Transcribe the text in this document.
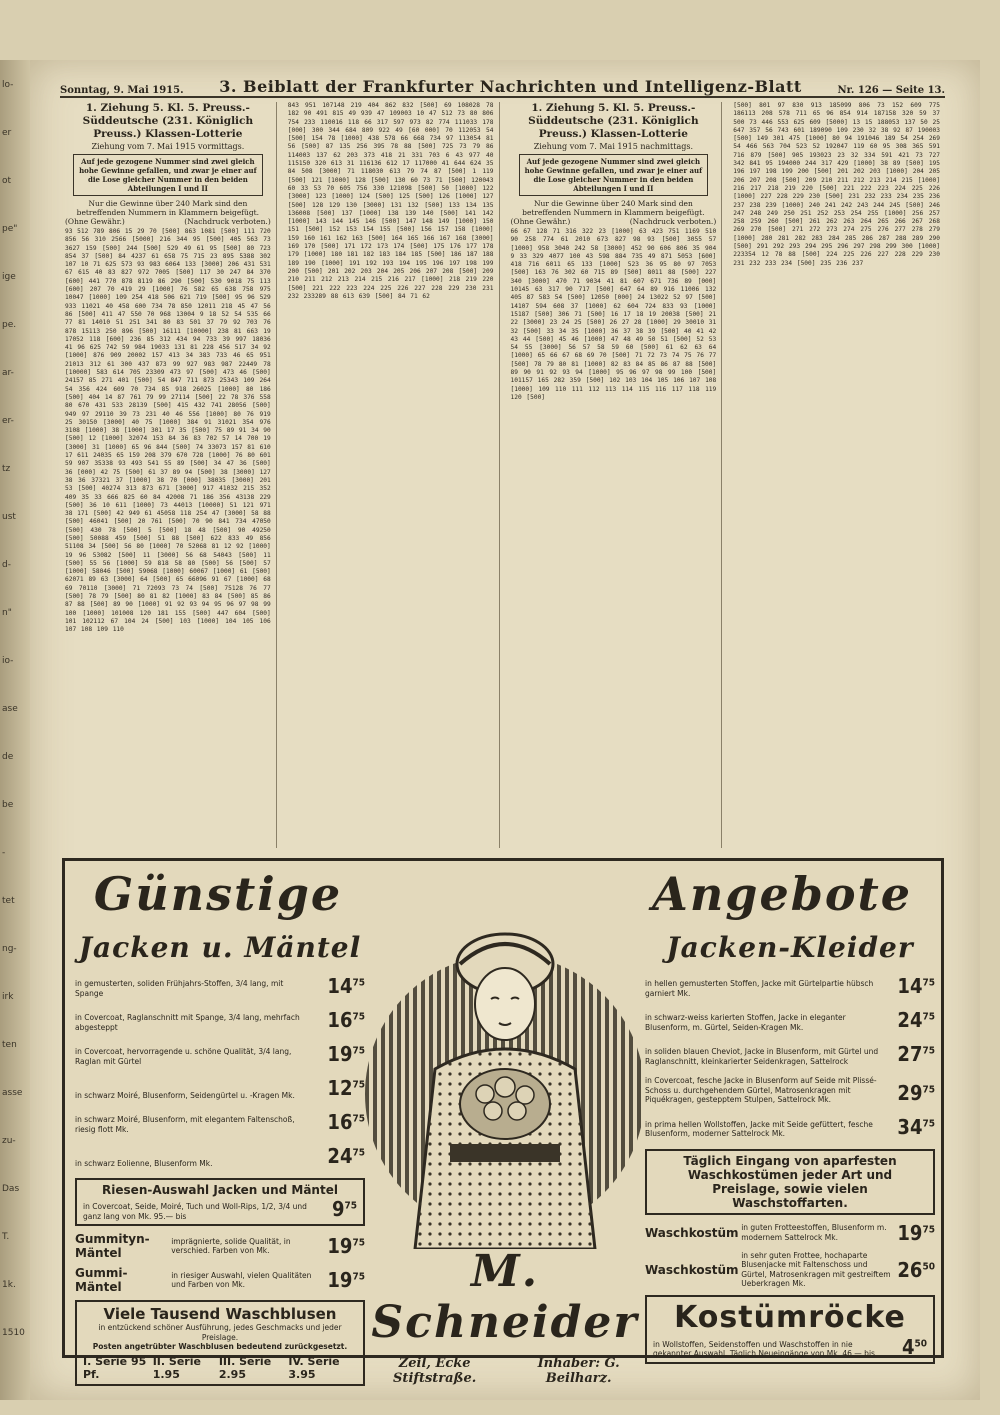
lo-
er
ot
pe"
ige
pe.
ar-
er-
tz
ust
d-
n"
io-
ase
de
be
-
tet
ng-
irk
ten
asse
zu-
Das
T.
1k.
1510
Sonntag, 9. Mai 1915. 3. Beiblatt der Frankfurter Nachrichten und Intelligenz-Blatt	Nr. 126 — Seite 13.
1. Ziehung 5. Kl. 5. Preuss.-Süddeutsche (231. Königlich Preuss.) Klassen-Lotterie
Ziehung vom 7. Mai 1915 vormittags.
Auf jede gezogene Nummer sind zwei gleich hohe Gewinne gefallen, und zwar je einer auf die Lose gleicher Nummer in den beiden Abteilungen I und II
Nur die Gewinne über 240 Mark sind den betreffenden Nummern in Klammern beigefügt.
(Ohne Gewähr.)	(Nachdruck verboten.)
93 512 789 806 15 29 70 [500] 863 1081 [500] 111 720 856 56 310 2566 [5000] 216 344 95 [500] 405 563 73 3627 159 [500] 244 [500] 529 49 61 95 [500] 80 723 854 37 [500] 84 4237 61 658 75 715 23 895 5388 302 107 10 71 625 573 93 983 6064 133 [3000] 206 431 531 67 615 40 83 827 972 7005 [500] 117 30 247 84 370 [600] 441 770 878 8119 86 290 [500] 530 9018 75 113 [600] 207 70 419 29 [1000] 76 582 65 638 758 975 10047 [1000] 109 254 418 506 621 719 [500] 95 96 529 933 11021 40 458 600 734 78 850 12011 218 45 47 56 86 [500] 411 47 550 70 968 13004 9 18 52 54 535 66 77 81 14010 51 251 341 80 83 501 37 79 92 703 76 878 15113 250 896 [500] 16111 [10000] 238 81 663 19 17052 118 [600] 236 85 312 434 94 733 39 997 18036 41 96 625 742 59 984 19033 131 81 228 456 517 34 92 [1000] 876 909 20002 157 413 34 383 733 46 65 951 21013 312 61 300 437 873 99 927 983 987 22449 78 [10000] 583 614 705 23309 473 97 [500] 473 46 [500] 24157 85 271 401 [500] 54 847 711 873 25343 109 264 54 356 424 609 70 734 85 918 26025 [1000] 80 186 [500] 404 14 87 761 79 99 27114 [500] 22 78 376 558 80 670 431 533 28139 [500] 415 432 741 28056 [500] 949 97 29110 39 73 231 40 46 556 [1000] 80 76 919 25 30150 [3000] 40 75 [1000] 384 91 31021 354 976 3108 [1000] 38 [1000] 301 17 35 [500] 75 89 91 34 90 [500] 12 [1000] 32074 153 84 36 83 702 57 14 700 19 [3000] 31 [1000] 65 96 844 [500] 74 33073 157 81 610 17 611 24035 65 159 208 379 670 728 [1000] 76 80 601 59 907 35338 93 493 541 55 89 [500] 34 47 36 [500] 36 [000] 42 75 [500] 61 37 89 94 [500] 38 [3000] 127 38 36 37321 37 [1000] 38 70 [000] 38035 [3000] 201 53 [500] 40274 313 873 671 [3000] 917 41032 215 352 409 35 33 666 825 60 84 42008 71 186 356 43138 229 [500] 36 10 611 [1000] 73 44013 [10000] 51 121 971 38 171 [500] 42 949 61 45058 118 254 47 [3000] 58 88 [500] 46041 [500] 20 761 [500] 70 90 841 734 47050 [500] 430 78 [500] 5 [500] 18 48 [500] 90 49250 [500] 50088 459 [500] 51 88 [500] 622 833 49 856 51108 34 [500] 56 80 [1000] 70 52068 81 12 92 [1000] 19 96 53082 [500] 11 [3000] 56 68 54043 [500] 11 [500] 55 56 [1000] 59 818 58 80 [500] 56 [500] 57 [1000] 58046 [500] 59068 [1000] 60067 [1000] 61 [500] 62071 89 63 [3000] 64 [500] 65 66096 91 67 [1000] 68 69 70110 [3000] 71 72093 73 74 [500] 75128 76 77 [500] 78 79 [500] 80 81 82 [1000] 83 84 [500] 85 86 87 88 [500] 89 90 [1000] 91 92 93 94 95 96 97 98 99 100 [1000] 101008 120 181 155 [500] 447 604 [500] 101 102112 67 104 24 [500] 103 [1000] 104 105 106 107 108 109 110
843 951 107148 219 404 862 832 [500] 69 108028 78 182 90 491 815 49 939 47 109003 10 47 512 73 80 806 754 233 110016 118 66 317 597 973 82 774 111033 178 [000] 300 344 684 809 922 49 [60 000] 70 112053 54 [500] 154 78 [1000] 438 578 66 668 734 97 113054 81 56 [500] 87 135 256 395 78 88 [500] 725 73 79 86 114003 137 62 203 373 418 21 331 703 6 43 977 40 115150 320 613 31 116136 612 17 117000 41 644 624 35 84 508 [3000] 71 118030 613 79 74 87 [500] 1 119 [500] 121 [1000] 128 [500] 130 60 73 71 [500] 120043 60 33 53 70 605 756 330 121098 [500] 50 [1000] 122 [3000] 123 [1000] 124 [500] 125 [500] 126 [1000] 127 [500] 128 129 130 [3000] 131 132 [500] 133 134 135 136008 [500] 137 [1000] 138 139 140 [500] 141 142 [1000] 143 144 145 146 [500] 147 148 149 [1000] 150 151 [500] 152 153 154 155 [500] 156 157 158 [1000] 159 160 161 162 163 [500] 164 165 166 167 168 [3000] 169 170 [500] 171 172 173 174 [500] 175 176 177 178 179 [1000] 180 181 182 183 184 185 [500] 186 187 188 189 190 [1000] 191 192 193 194 195 196 197 198 199 200 [500] 201 202 203 204 205 206 207 208 [500] 209 210 211 212 213 214 215 216 217 [1000] 218 219 220 [500] 221 222 223 224 225 226 227 228 229 230 231 232 233289 88 613 639 [500] 84 71 62
1. Ziehung 5. Kl. 5. Preuss.-Süddeutsche (231. Königlich Preuss.) Klassen-Lotterie
Ziehung vom 7. Mai 1915 nachmittags.
Auf jede gezogene Nummer sind zwei gleich hohe Gewinne gefallen, und zwar je einer auf die Lose gleicher Nummer in den beiden Abteilungen I und II
Nur die Gewinne über 240 Mark sind den betreffenden Nummern in Klammern beigefügt.
(Ohne Gewähr.)	(Nachdruck verboten.)
66 67 128 71 316 322 23 [1000] 63 423 751 1169 510 90 258 774 61 2010 673 827 98 93 [500] 3055 57 [1000] 958 3040 242 58 [3000] 452 90 606 806 35 904 9 33 329 4077 100 43 598 884 735 49 871 5053 [600] 418 716 6011 65 133 [1000] 523 36 95 80 97 7053 [500] 163 76 302 60 715 89 [500] 8011 88 [500] 227 340 [3000] 470 71 9034 41 81 607 671 736 89 [000] 10145 63 317 90 717 [500] 647 64 89 916 11006 132 405 87 583 54 [500] 12050 [000] 24 13022 52 97 [500] 14107 594 608 37 [1000] 62 604 724 833 93 [1000] 15187 [500] 306 71 [500] 16 17 18 19 20038 [500] 21 22 [3000] 23 24 25 [500] 26 27 28 [1000] 29 30010 31 32 [500] 33 34 35 [1000] 36 37 38 39 [500] 40 41 42 43 44 [500] 45 46 [1000] 47 48 49 50 51 [500] 52 53 54 55 [3000] 56 57 58 59 60 [500] 61 62 63 64 [1000] 65 66 67 68 69 70 [500] 71 72 73 74 75 76 77 [500] 78 79 80 81 [1000] 82 83 84 85 86 87 88 [500] 89 90 91 92 93 94 [1000] 95 96 97 98 99 100 [500] 101157 165 282 359 [500] 102 103 104 105 106 107 108 [1000] 109 110 111 112 113 114 115 116 117 118 119 120 [500]
[500] 801 97 830 913 185099 806 73 152 609 775 186113 208 578 711 65 96 854 914 187158 320 59 37 500 73 446 553 625 609 [5000] 13 15 188053 137 50 25 647 357 56 743 601 189090 109 230 32 38 92 87 190003 [500] 149 301 475 [1000] 80 94 191046 189 54 254 269 54 466 563 704 523 52 192047 119 60 95 308 365 591 716 879 [500] 905 193023 23 32 334 591 421 73 727 342 841 95 194000 244 317 429 [1000] 38 89 [500] 195 196 197 198 199 200 [500] 201 202 203 [1000] 204 205 206 207 208 [500] 209 210 211 212 213 214 215 [1000] 216 217 218 219 220 [500] 221 222 223 224 225 226 [1000] 227 228 229 230 [500] 231 232 233 234 235 236 237 238 239 [1000] 240 241 242 243 244 245 [500] 246 247 248 249 250 251 252 253 254 255 [1000] 256 257 258 259 260 [500] 261 262 263 264 265 266 267 268 269 270 [500] 271 272 273 274 275 276 277 278 279 [1000] 280 281 282 283 284 285 286 287 288 289 290 [500] 291 292 293 294 295 296 297 298 299 300 [1000] 223354 12 78 88 [500] 224 225 226 227 228 229 230 231 232 233 234 [500] 235 236 237
Günstige	Angebote
Jacken u. Mäntel
in gemusterten, soliden Frühjahrs-Stoffen, 3/4 lang, mit Spange	$14^{75}$
in Covercoat, Raglanschnitt mit Spange, 3/4 lang, mehrfach abgesteppt	$16^{75}$
in Covercoat, hervorragende u. schöne Qualität, 3/4 lang, Raglan mit Gürtel	$19^{75}$
in schwarz Moiré, Blusenform, Seidengürtel u. -Kragen Mk.	$12^{75}$
in schwarz Moiré, Blusenform, mit elegantem Faltenschoß, riesig flott Mk.	$16^{75}$
in schwarz Eolienne, Blusenform Mk.	$24^{75}$
Riesen-Auswahl Jacken und Mäntel
in Covercoat, Seide, Moiré, Tuch und Woll-Rips, 1/2, 3/4 und ganz lang von Mk. 95.— bis	$9^{75}$
Gummityn-Mäntel
imprägnierte, solide Qualität, in verschied. Farben von Mk.	$19^{75}$
Gummi-Mäntel
in riesiger Auswahl, vielen Qualitäten und Farben von Mk.	$19^{75}$
Viele Tausend Waschblusen
in entzückend schöner Ausführung, jedes Geschmacks und jeder Preislage.
Posten angetrübter Waschblusen bedeutend zurückgesetzt.
I. Serie 95 Pf.
II. Serie 1.95
III. Serie 2.95
IV. Serie 3.95
M. Schneider
Zeil, Ecke Stiftstraße.
Inhaber: G. Beilharz.
Jacken-Kleider
in hellen gemusterten Stoffen, Jacke mit Gürtelpartie hübsch garniert Mk.	$14^{75}$
in schwarz-weiss karierten Stoffen, Jacke in eleganter Blusenform, m. Gürtel, Seiden-Kragen Mk.	$24^{75}$
in soliden blauen Cheviot, Jacke in Blusenform, mit Gürtel und Raglanschnitt, kleinkarierter Seidenkragen, Sattelrock	$27^{75}$
in Covercoat, fesche Jacke in Blusenform auf Seide mit Plissé-Schoss u. durchgehendem Gürtel, Matrosenkragen mit Piquékragen, gestepptem Stulpen, Sattelrock Mk.	$29^{75}$
in prima hellen Wollstoffen, Jacke mit Seide gefüttert, fesche Blusenform, moderner Sattelrock Mk.	$34^{75}$
Täglich Eingang von aparfesten Waschkostümen jeder Art und Preislage, sowie vielen Waschstoffarten.
Waschkostüm in guten Frotteestoffen, Blusenform m. modernem Sattelrock Mk.	$19^{75}$
Waschkostüm
in sehr guten Frottee, hochaparte Blusenjacke mit Faltenschoss und Gürtel, Matrosenkragen mit gestreiftem Ueberkragen Mk.
$26^{50}$
Kostümröcke
in Wollstoffen, Seidenstoffen und Waschstoffen in nie gekannter Auswahl. Täglich Neueingänge von Mk. 46.— bis	$4^{50}$
